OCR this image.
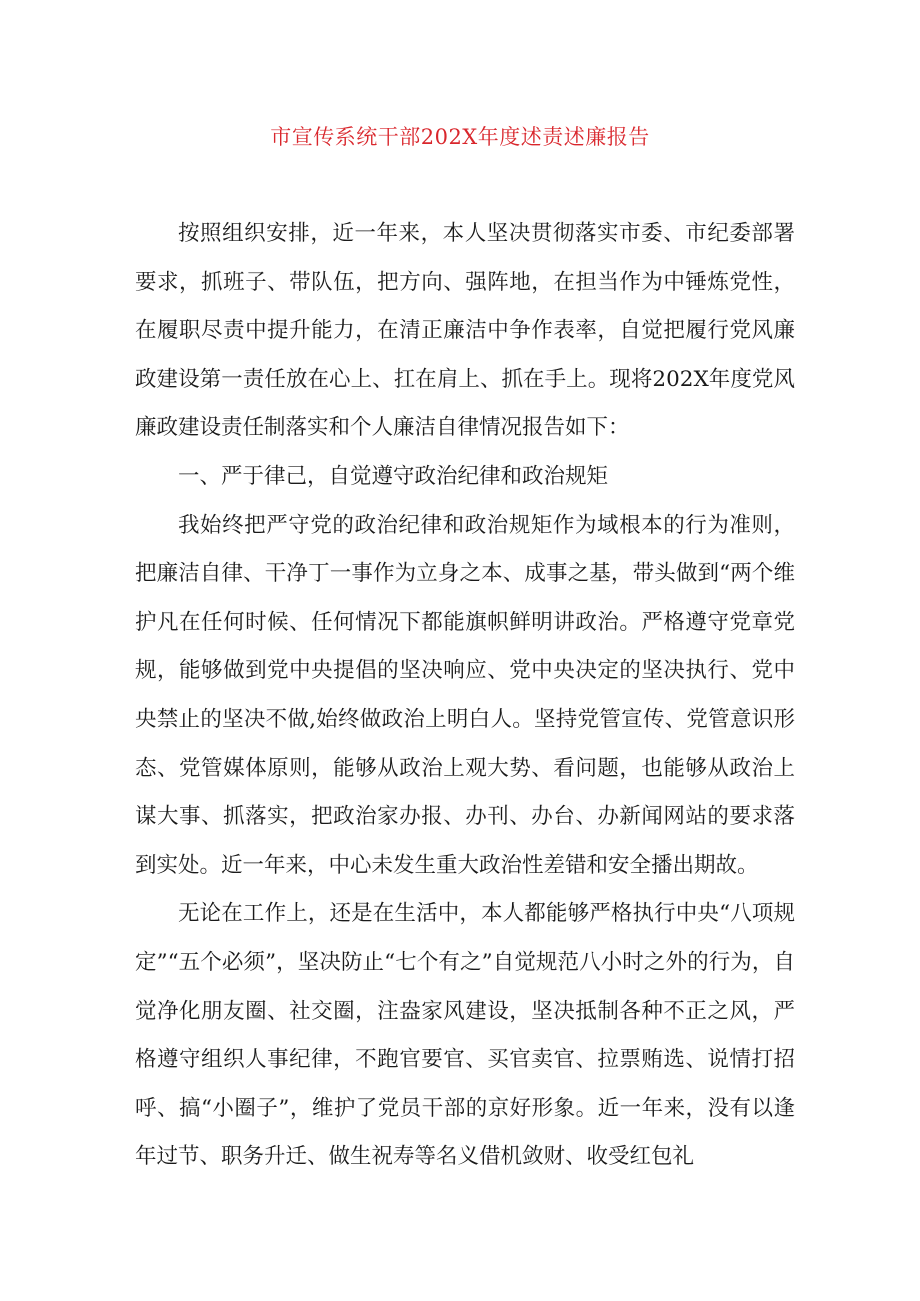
市宣传系统干部202X年度述责述廉报告

按照组织安排，近一年来，本人坚决贯彻落实市委、市纪委部署要求，抓班子、带队伍，把方向、强阵地，在担当作为中锤炼党性，在履职尽责中提升能力，在清正廉洁中争作表率，自觉把履行党风廉政建设第一责任放在心上、扛在肩上、抓在手上。现将202X年度党风廉政建设责任制落实和个人廉洁自律情况报告如下：

一、严于律己，自觉遵守政治纪律和政治规矩

我始终把严守党的政治纪律和政治规矩作为域根本的行为准则，把廉洁自律、干净丁一事作为立身之本、成事之基，带头做到“两个维护凡在任何时候、任何情况下都能旗帜鲜明讲政治。严格遵守党章党规，能够做到党中央提倡的坚决响应、党中央决定的坚决执行、党中央禁止的坚决不做,始终做政治上明白人。坚持党管宣传、党管意识形态、党管媒体原则，能够从政治上观大势、看问题，也能够从政治上谋大事、抓落实，把政治家办报、办刊、办台、办新闻网站的要求落到实处。近一年来，中心未发生重大政治性差错和安全播出期故。

无论在工作上，还是在生活中，本人都能够严格执行中央“八项规定”“五个必须”，坚决防止“七个有之”自觉规范八小时之外的行为，自觉净化朋友圈、社交圈，注盎家风建设，坚决抵制各种不正之风，严格遵守组织人事纪律，不跑官要官、买官卖官、拉票贿选、说情打招呼、搞“小圈子”，维护了党员干部的京好形象。近一年来，没有以逢年过节、职务升迁、做生祝寿等名义借机敛财、收受红包礼
